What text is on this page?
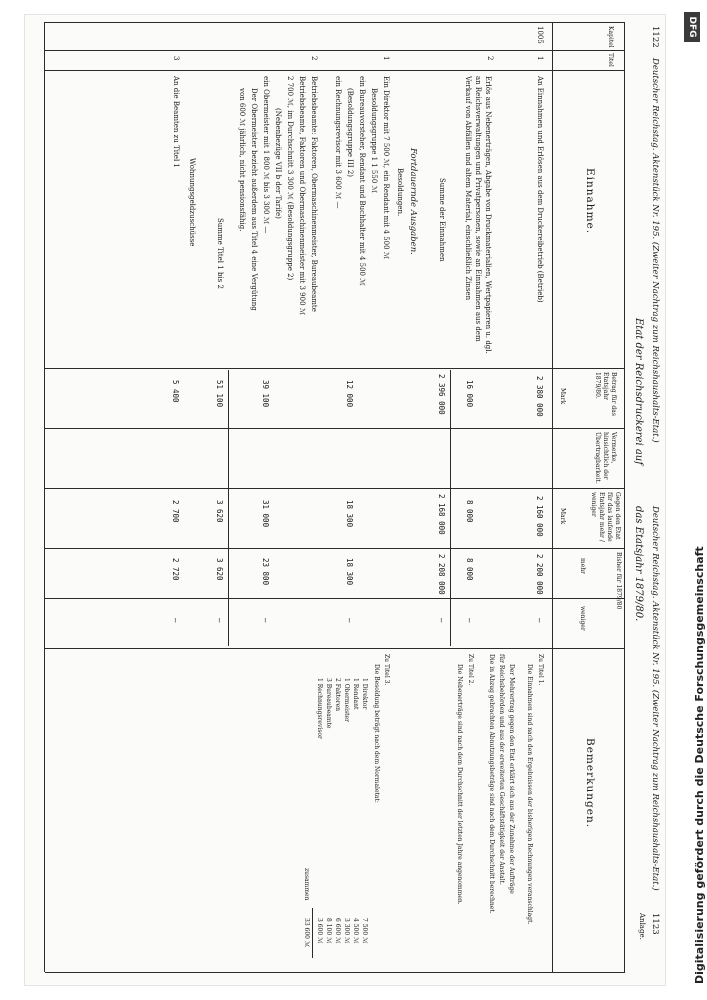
1122
Deutscher Reichstag. Aktenstück Nr. 195. (Zweiter Nachtrag zum Reichshaushalts-Etat.)
Deutscher Reichstag. Aktenstück Nr. 195. (Zweiter Nachtrag zum Reichshaushalts-Etat.)
1123
Anlage.
Etat der Reichsdruckerei auf
das Etatsjahr 1879/80.
Kapitel
Titel
Einnahme.
Betrag für das Etatsjahr 1879/80.
Vermerke, hinsichtlich der Übertragbarkeit.
Gegen den Etat für das laufende Etatsjahr mehr / weniger
Bisher für 1879/80
mehr
weniger
Mark
Mark
Bemerkungen.
1005
1
An Einnahmen und Erlösen aus dem Druckereibetrieb (Betrieb)
2 380 000
2 160 000
2 200 000
—
2
Erlös aus Nebenerträgen, Abgabe von Druckmaterialien, Wertpapieren u. dgl. an Reichsverwaltungen und Privatpersonen, sowie an Einnahmen aus dem Verkauf von Abfällen und altem Material, einschließlich Zinsen
16 000
8 000
8 000
—
Summe der Einnahmen
2 396 000
2 168 000
2 208 000
—
Fortdauernde Ausgaben.
Besoldungen.
1
Ein Direktor mit 7 500 ℳ, ein Rendant mit 4 500 ℳ
Besoldungsgruppe 1 1 550 ℳ
ein Bureauvorsteher, Rendant und Buchhalter mit 4 500 ℳ
(Besoldungsgruppe III 2)
ein Rechnungsrevisor mit 3 600 ℳ —
2
Betriebsbeamte: Faktoren, Obermaschinenmeister, Bureaubeamte
Betriebsbeamte, Faktoren und Obermaschinenmeister mit 3 900 ℳ
2 700 ℳ, im Durchschnitt 3 300 ℳ (Besoldungsgruppe 2)
(Nebenbezüge VII b der Tarife)
ein Obermeister mit 1 800 ℳ bis 3 300 ℳ —
Der Obermeister bezieht außerdem aus Titel 4 eine Vergütung
von 600 ℳ jährlich, nicht pensionsfähig.
12 000
18 300
18 300
—
39 100
31 000
23 800
—
Summe Titel 1 bis 2
51 100
3 620
3 620
—
Wohnungsgeldzuschüsse
3
An die Beamten zu Titel 1
5 400
2 700
2 720
—
Zu Titel 1.
Die Einnahmen sind nach den Ergebnissen der bisherigen Rechnungen veranschlagt.
Der Mehrertrag gegen den Etat erklärt sich aus der Zunahme der Aufträge
für Reichsbehörden und aus der erweiterten Geschäftstätigkeit der Anstalt.
Die in Abzug gebrachten Abnutzungsbeträge sind nach dem Durchschnitt berechnet.
Zu Titel 2.
Die Nebenerträge sind nach dem Durchschnitt der letzten Jahre angenommen.
Zu Titel 3.
Die Besoldung beträgt nach dem Normaletat:
1 Direktor
7 500 ℳ
1 Rendant
4 500 ℳ
1 Obermeister
3 300 ℳ
2 Faktoren
6 600 ℳ
3 Bureaubeamte
8 100 ℳ
1 Rechnungsrevisor
3 600 ℳ
zusammen
33 600 ℳ	Digitalisierung gefördert durch die Deutsche Forschungsgemeinschaft
DFG
